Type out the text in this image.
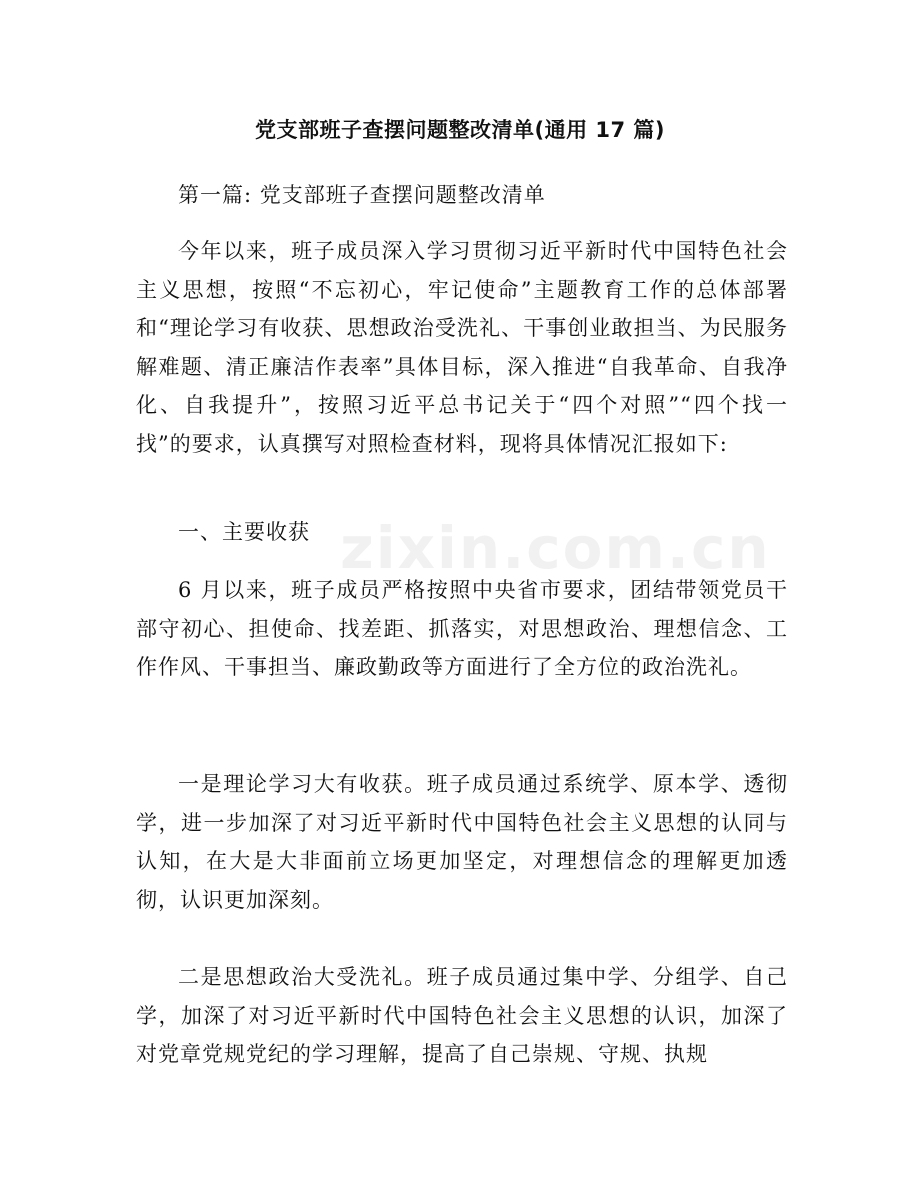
党支部班子查摆问题整改清单(通用 17 篇)

第一篇: 党支部班子查摆问题整改清单

今年以来，班子成员深入学习贯彻习近平新时代中国特色社会主义思想，按照“不忘初心，牢记使命”主题教育工作的总体部署和“理论学习有收获、思想政治受洗礼、干事创业敢担当、为民服务解难题、清正廉洁作表率”具体目标，深入推进“自我革命、自我净化、自我提升”，按照习近平总书记关于“四个对照”“四个找一找”的要求，认真撰写对照检查材料，现将具体情况汇报如下:

一、主要收获

6 月以来，班子成员严格按照中央省市要求，团结带领党员干部守初心、担使命、找差距、抓落实，对思想政治、理想信念、工作作风、干事担当、廉政勤政等方面进行了全方位的政治洗礼。

一是理论学习大有收获。班子成员通过系统学、原本学、透彻学，进一步加深了对习近平新时代中国特色社会主义思想的认同与认知，在大是大非面前立场更加坚定，对理想信念的理解更加透彻，认识更加深刻。

二是思想政治大受洗礼。班子成员通过集中学、分组学、自己学，加深了对习近平新时代中国特色社会主义思想的认识，加深了对党章党规党纪的学习理解，提高了自己崇规、守规、执规

zixin.com.cn
